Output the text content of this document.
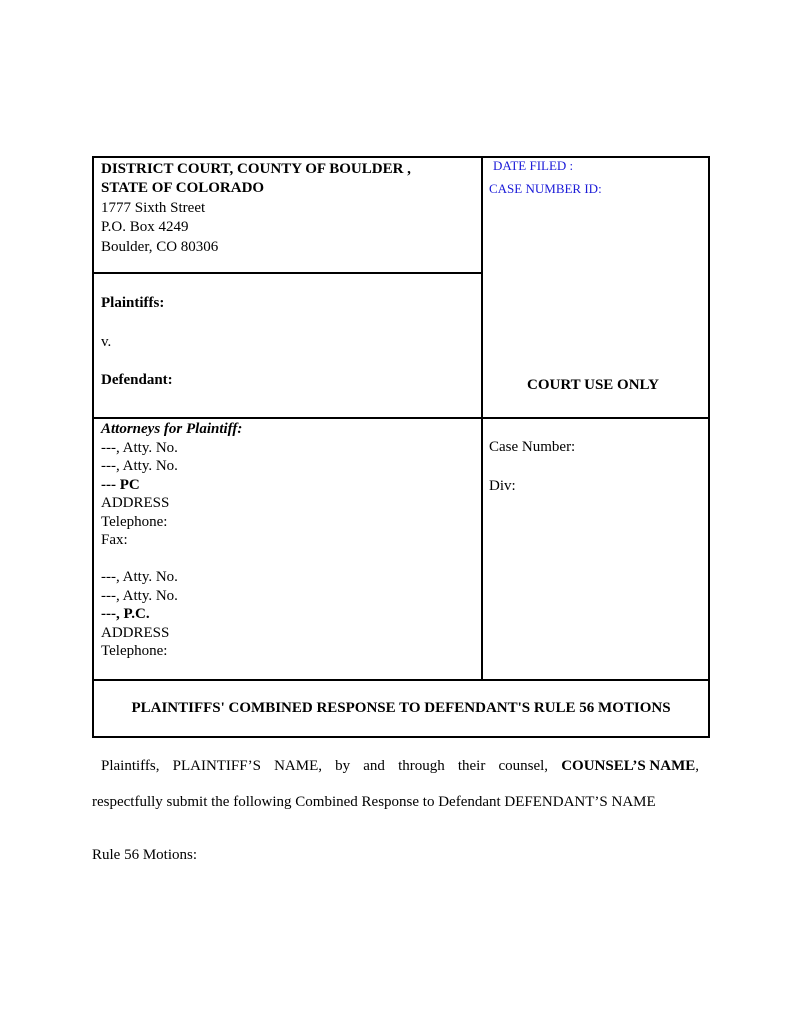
DISTRICT COURT, COUNTY OF BOULDER ,
STATE OF COLORADO
1777 Sixth Street
P.O. Box 4249
Boulder, CO 80306
DATE FILED :
CASE NUMBER ID:
COURT USE ONLY
Plaintiffs:
v.
Defendant:
Attorneys for Plaintiff:
---, Atty. No.
---, Atty. No.
--- PC
ADDRESS
Telephone:
Fax:
---, Atty. No.
---, Atty. No.
---, P.C.
ADDRESS
Telephone:
Case Number:
Div:
PLAINTIFFS' COMBINED RESPONSE TO DEFENDANT'S RULE 56 MOTIONS
Plaintiffs, PLAINTIFF’S NAME, by and through their counsel, COUNSEL’S NAME,
respectfully submit the following Combined Response to Defendant DEFENDANT’S NAME
Rule 56 Motions:
